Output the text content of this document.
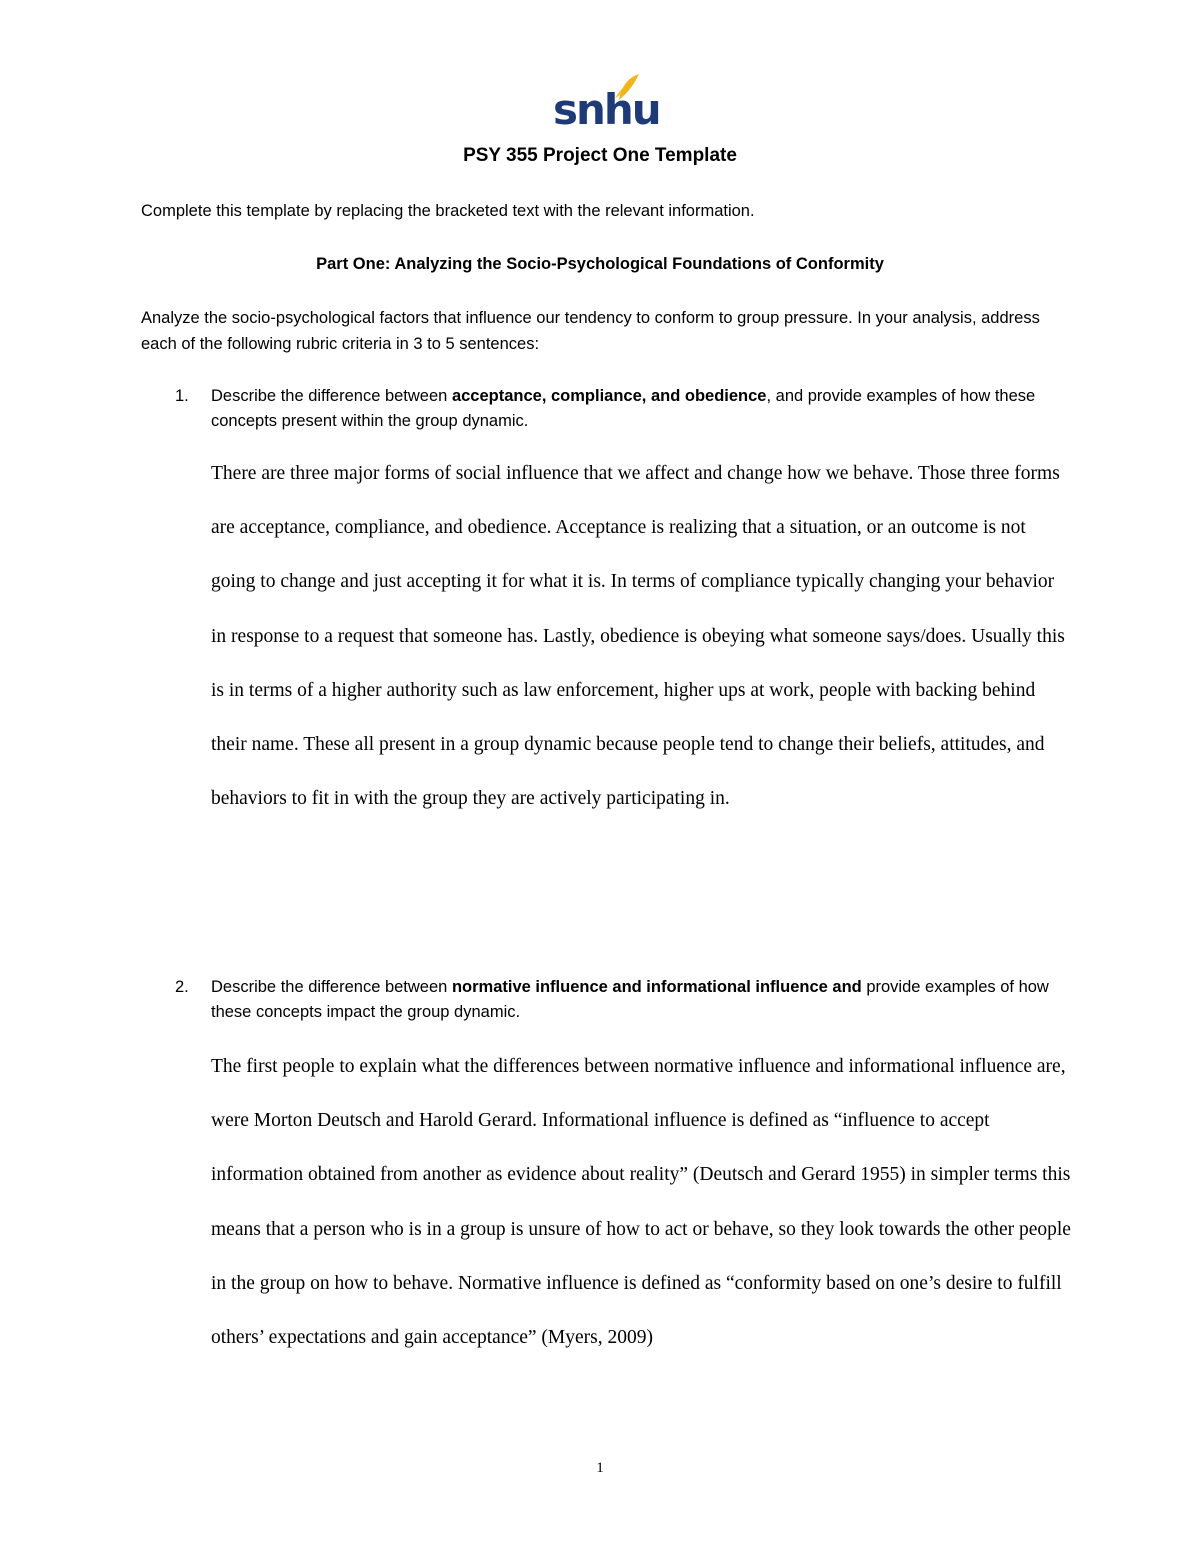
snhu
PSY 355 Project One Template
Complete this template by replacing the bracketed text with the relevant information.
Part One: Analyzing the Socio-Psychological Foundations of Conformity
Analyze the socio-psychological factors that influence our tendency to conform to group pressure. In your analysis, address each of the following rubric criteria in 3 to 5 sentences:
1. Describe the difference between acceptance, compliance, and obedience, and provide examples of how these concepts present within the group dynamic.

There are three major forms of social influence that we affect and change how we behave. Those three forms are acceptance, compliance, and obedience. Acceptance is realizing that a situation, or an outcome is not going to change and just accepting it for what it is. In terms of compliance typically changing your behavior in response to a request that someone has. Lastly, obedience is obeying what someone says/does. Usually this is in terms of a higher authority such as law enforcement, higher ups at work, people with backing behind their name. These all present in a group dynamic because people tend to change their beliefs, attitudes, and behaviors to fit in with the group they are actively participating in.

2. Describe the difference between normative influence and informational influence and provide examples of how these concepts impact the group dynamic.

The first people to explain what the differences between normative influence and informational influence are, were Morton Deutsch and Harold Gerard. Informational influence is defined as “influence to accept information obtained from another as evidence about reality” (Deutsch and Gerard 1955) in simpler terms this means that a person who is in a group is unsure of how to act or behave, so they look towards the other people in the group on how to behave. Normative influence is defined as “conformity based on one’s desire to fulfill others’ expectations and gain acceptance” (Myers, 2009)

1
